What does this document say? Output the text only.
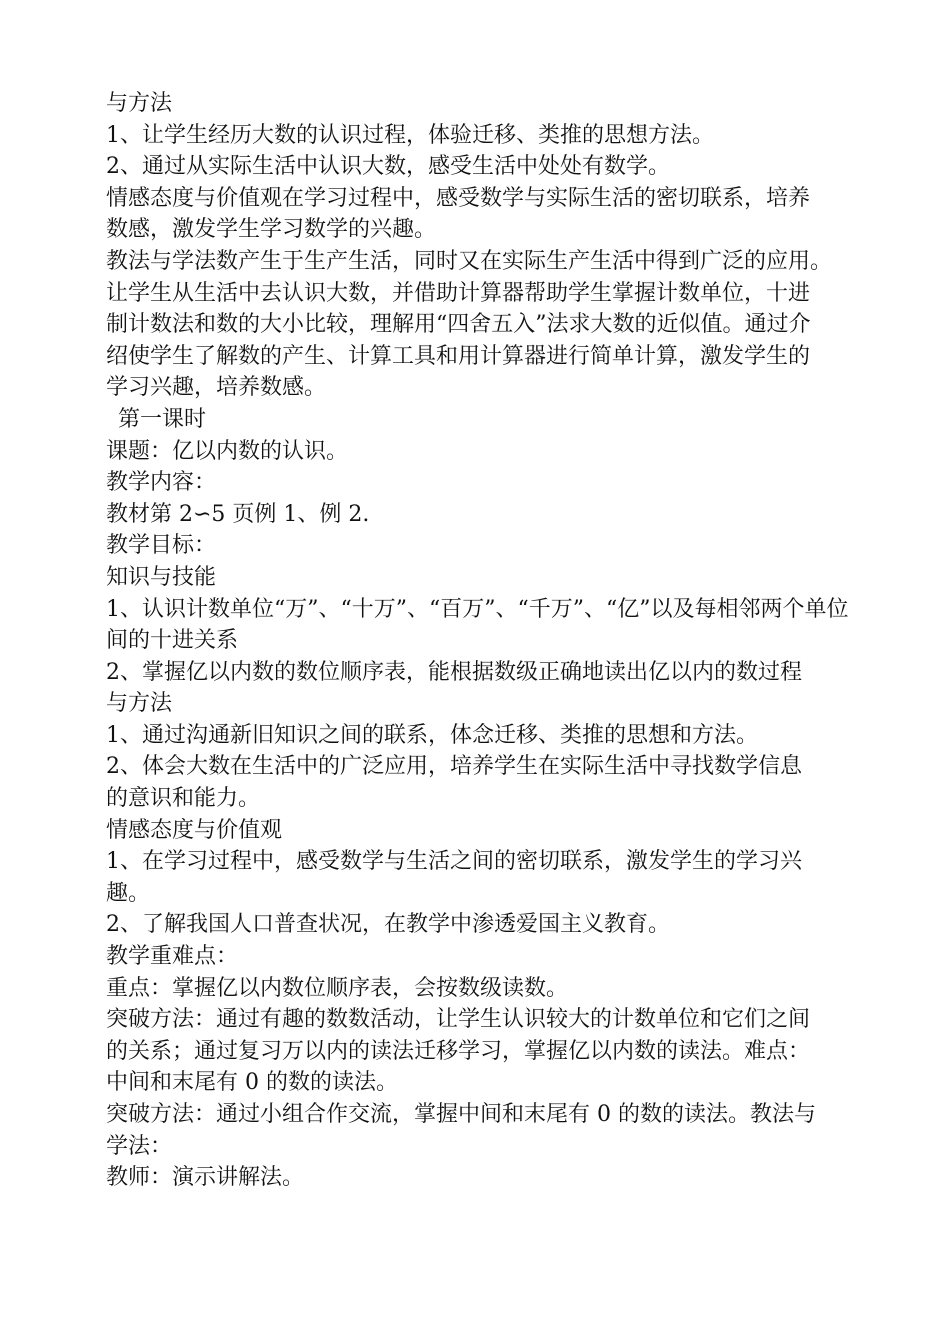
与方法

1、让学生经历大数的认识过程，体验迁移、类推的思想方法。

2、通过从实际生活中认识大数，感受生活中处处有数学。

情感态度与价值观在学习过程中，感受数学与实际生活的密切联系，培养

数感，激发学生学习数学的兴趣。

教法与学法数产生于生产生活，同时又在实际生产生活中得到广泛的应用。

让学生从生活中去认识大数，并借助计算器帮助学生掌握计数单位，十进

制计数法和数的大小比较，理解用“四舍五入”法求大数的近似值。通过介

绍使学生了解数的产生、计算工具和用计算器进行简单计算，激发学生的

学习兴趣，培养数感。

第一课时

课题：亿以内数的认识。

教学内容：

教材第 2∽5 页例 1、例 2.

教学目标：

知识与技能

1、认识计数单位“万”、“十万”、“百万”、“千万”、“亿”以及每相邻两个单位

间的十进关系

2、掌握亿以内数的数位顺序表，能根据数级正确地读出亿以内的数过程

与方法

1、通过沟通新旧知识之间的联系，体念迁移、类推的思想和方法。

2、体会大数在生活中的广泛应用，培养学生在实际生活中寻找数学信息

的意识和能力。

情感态度与价值观

1、在学习过程中，感受数学与生活之间的密切联系，激发学生的学习兴

趣。

2、了解我国人口普查状况，在教学中渗透爱国主义教育。

教学重难点：

重点：掌握亿以内数位顺序表，会按数级读数。

突破方法：通过有趣的数数活动，让学生认识较大的计数单位和它们之间

的关系；通过复习万以内的读法迁移学习，掌握亿以内数的读法。难点：

中间和末尾有 0 的数的读法。

突破方法：通过小组合作交流，掌握中间和末尾有 0 的数的读法。教法与

学法：

教师：演示讲解法。
